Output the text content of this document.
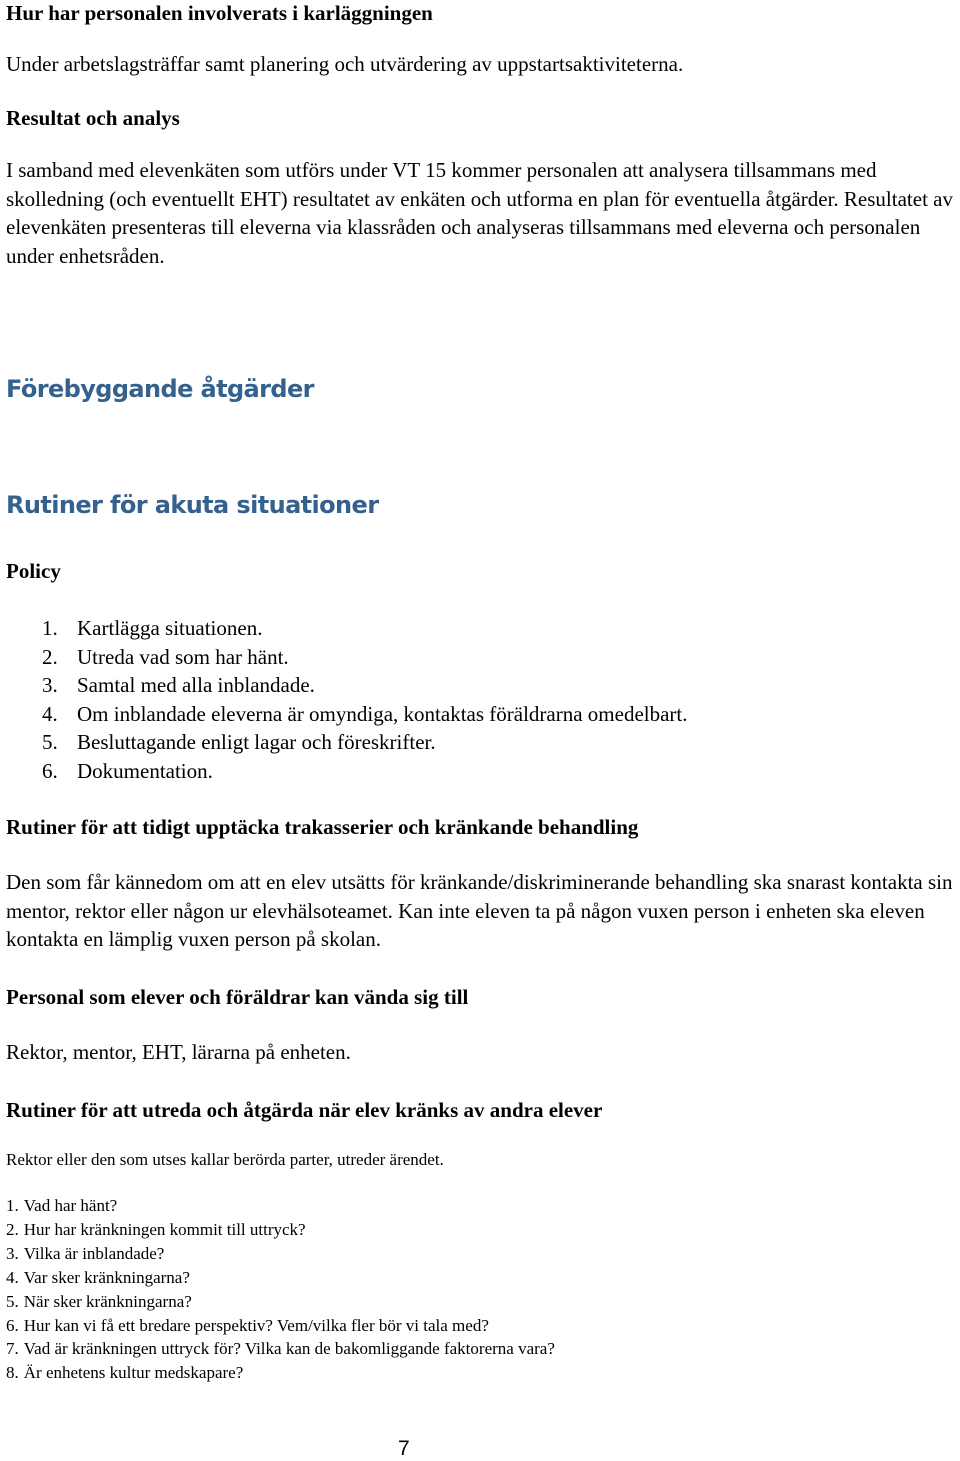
Hur har personalen involverats i karläggningen

Under arbetslagsträffar samt planering och utvärdering av uppstartsaktiviteterna.

Resultat och analys

I samband med elevenkäten som utförs under VT 15 kommer personalen att analysera tillsammans med skolledning (och eventuellt EHT) resultatet av enkäten och utforma en plan för eventuella åtgärder. Resultatet av elevenkäten presenteras till eleverna via klassråden och analyseras tillsammans med eleverna och personalen under enhetsråden.

Förebyggande åtgärder
Rutiner för akuta situationer
Policy
1. Kartlägga situationen.
2. Utreda vad som har hänt.
3. Samtal med alla inblandade.
4. Om inblandade eleverna är omyndiga, kontaktas föräldrarna omedelbart.
5. Besluttagande enligt lagar och föreskrifter.
6. Dokumentation.
Rutiner för att tidigt upptäcka trakasserier och kränkande behandling

Den som får kännedom om att en elev utsätts för kränkande/diskriminerande behandling ska snarast kontakta sin mentor, rektor eller någon ur elevhälsoteamet. Kan inte eleven ta på någon vuxen person i enheten ska eleven kontakta en lämplig vuxen person på skolan.

Personal som elever och föräldrar kan vända sig till

Rektor, mentor, EHT, lärarna på enheten.

Rutiner för att utreda och åtgärda när elev kränks av andra elever

Rektor eller den som utses kallar berörda parter, utreder ärendet.

1. Vad har hänt?
2. Hur har kränkningen kommit till uttryck?
3. Vilka är inblandade?
4. Var sker kränkningarna?
5. När sker kränkningarna?
6. Hur kan vi få ett bredare perspektiv? Vem/vilka fler bör vi tala med?
7. Vad är kränkningen uttryck för? Vilka kan de bakomliggande faktorerna vara?
8. Är enhetens kultur medskapare?
7
